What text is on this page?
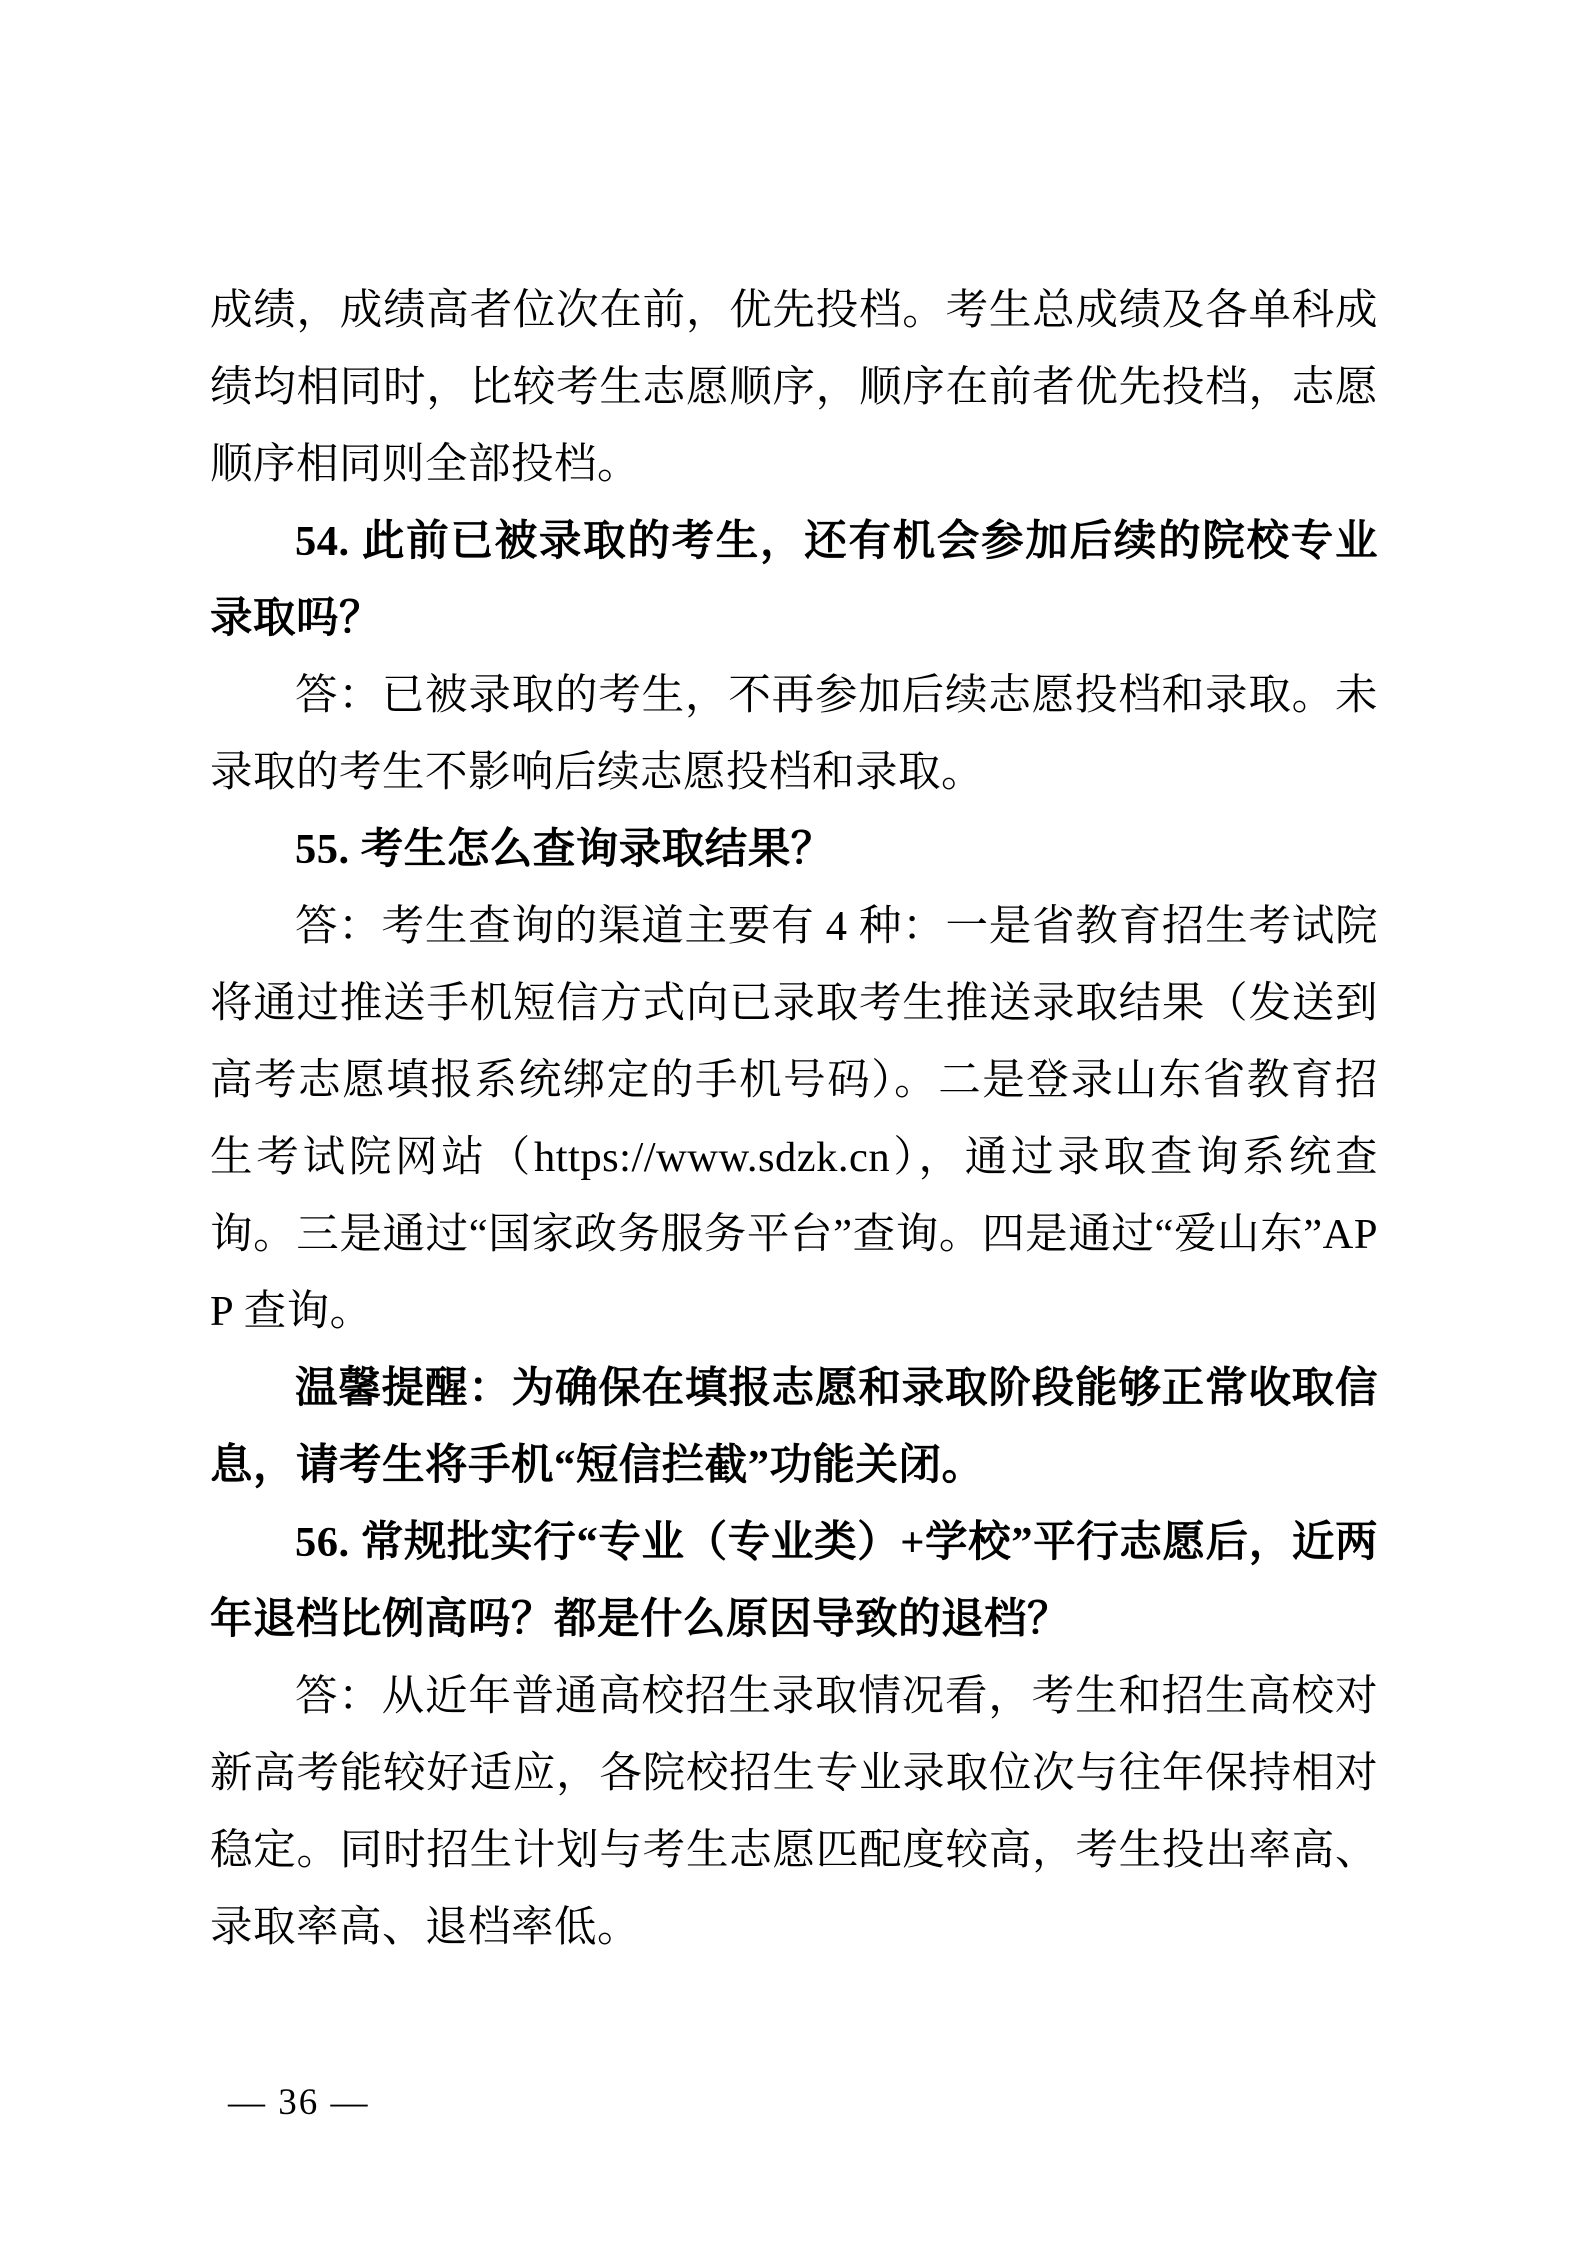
成绩，成绩高者位次在前，优先投档。考生总成绩及各单科成绩均相同时，比较考生志愿顺序，顺序在前者优先投档，志愿顺序相同则全部投档。

54. 此前已被录取的考生，还有机会参加后续的院校专业录取吗？

答：已被录取的考生，不再参加后续志愿投档和录取。未录取的考生不影响后续志愿投档和录取。

55. 考生怎么查询录取结果？

答：考生查询的渠道主要有 4 种：一是省教育招生考试院将通过推送手机短信方式向已录取考生推送录取结果（发送到高考志愿填报系统绑定的手机号码）。二是登录山东省教育招生考试院网站（https://www.sdzk.cn），通过录取查询系统查询。三是通过“国家政务服务平台”查询。四是通过“爱山东”APP 查询。

温馨提醒：为确保在填报志愿和录取阶段能够正常收取信息，请考生将手机“短信拦截”功能关闭。

56. 常规批实行“专业（专业类）+学校”平行志愿后，近两年退档比例高吗？都是什么原因导致的退档？

答：从近年普通高校招生录取情况看，考生和招生高校对新高考能较好适应，各院校招生专业录取位次与往年保持相对稳定。同时招生计划与考生志愿匹配度较高，考生投出率高、录取率高、退档率低。

— 36 —
